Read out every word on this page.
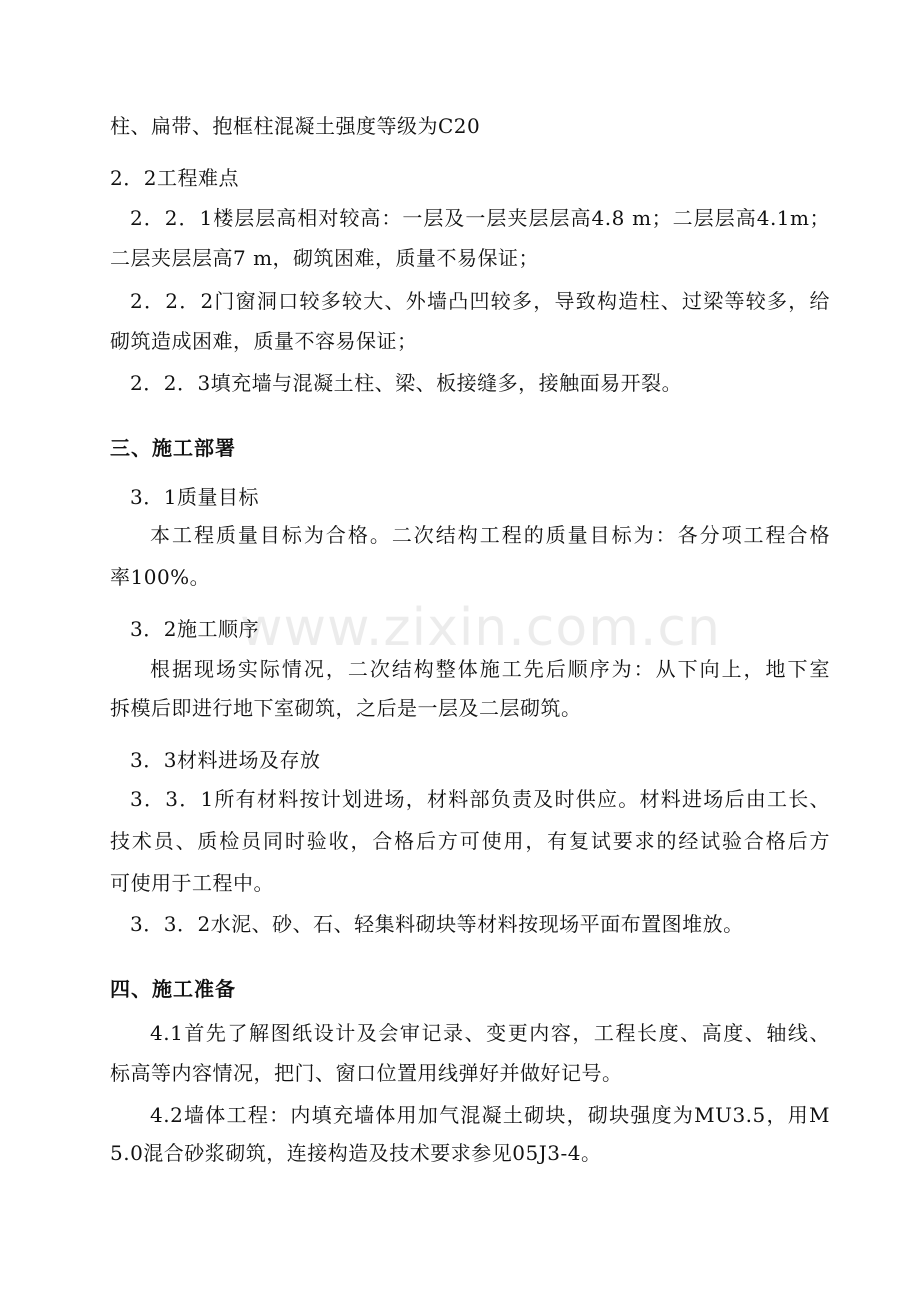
柱、扁带、抱框柱混凝土强度等级为C20
2．2工程难点
2．2．1楼层层高相对较高：一层及一层夹层层高4.8 m；二层层高4.1m；
二层夹层层高7 m，砌筑困难，质量不易保证；
2．2．2门窗洞口较多较大、外墙凸凹较多，导致构造柱、过梁等较多，给
砌筑造成困难，质量不容易保证；
2．2．3填充墙与混凝土柱、梁、板接缝多，接触面易开裂。
三、施工部署
3．1质量目标
本工程质量目标为合格。二次结构工程的质量目标为：各分项工程合格
率100%。
3．2施工顺序
根据现场实际情况，二次结构整体施工先后顺序为：从下向上，地下室
拆模后即进行地下室砌筑，之后是一层及二层砌筑。
3．3材料进场及存放
3．3．1所有材料按计划进场，材料部负责及时供应。材料进场后由工长、
技术员、质检员同时验收，合格后方可使用，有复试要求的经试验合格后方
可使用于工程中。
3．3．2水泥、砂、石、轻集料砌块等材料按现场平面布置图堆放。
四、施工准备
4.1首先了解图纸设计及会审记录、变更内容，工程长度、高度、轴线、
标高等内容情况，把门、窗口位置用线弹好并做好记号。
4.2墙体工程：内填充墙体用加气混凝土砌块，砌块强度为MU3.5，用M
5.0混合砂浆砌筑，连接构造及技术要求参见05J3-4。
www.zixin.com.cn
